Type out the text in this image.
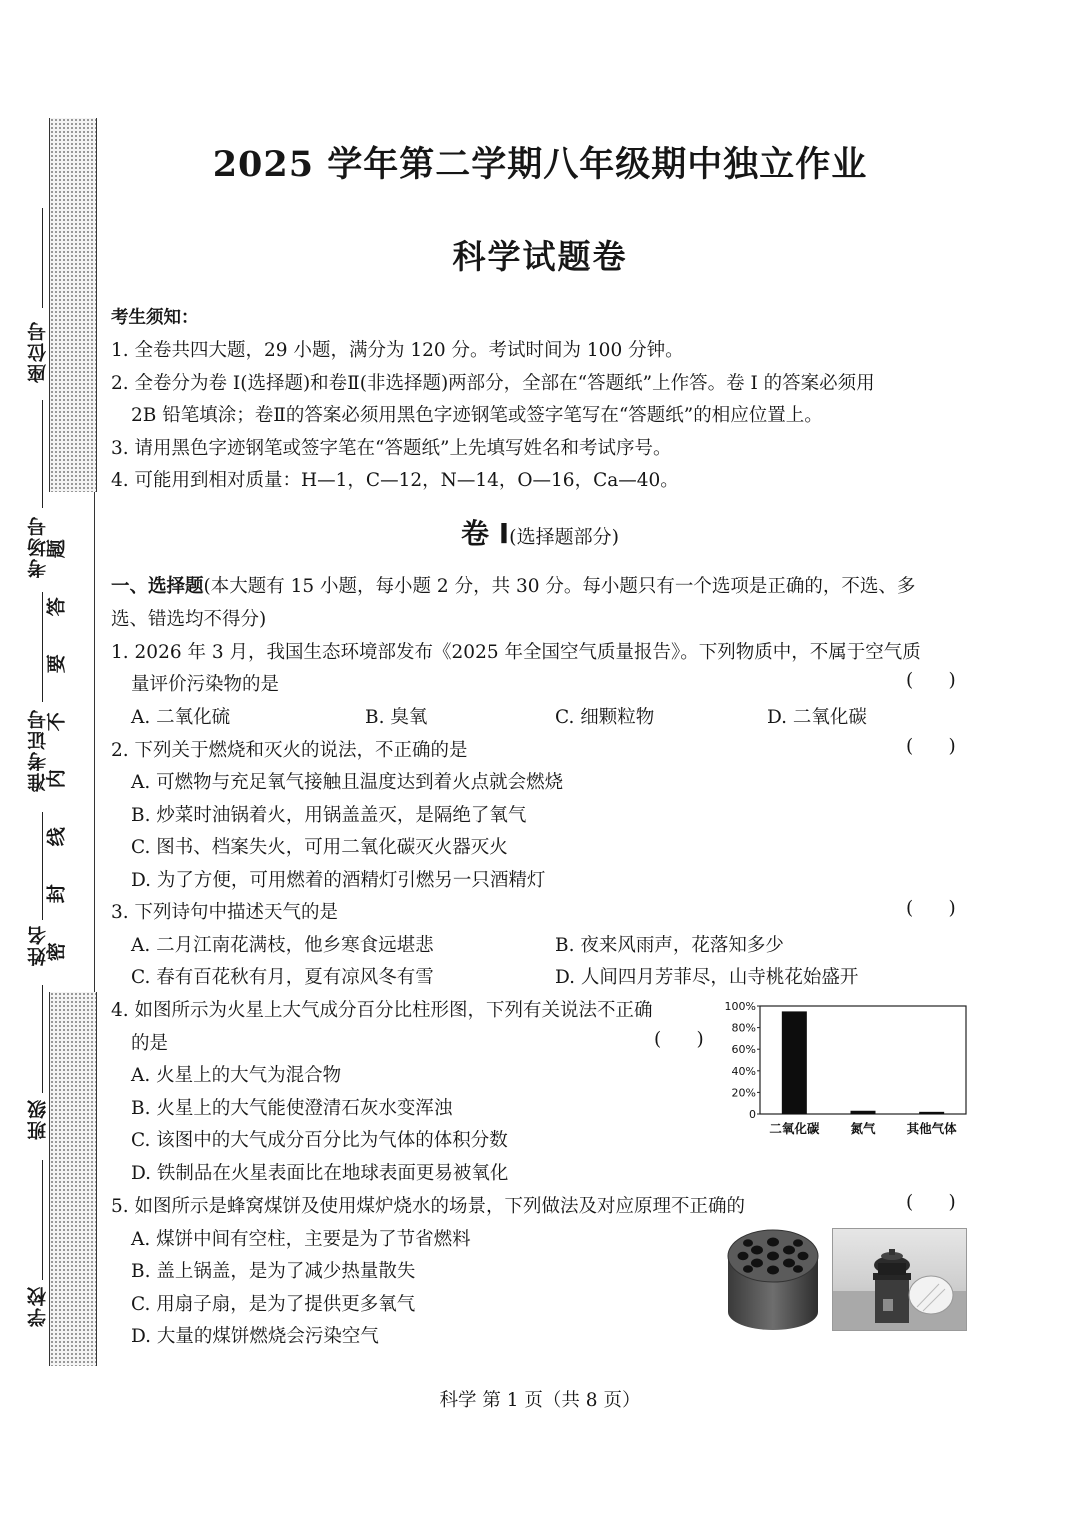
题
答
要
不
内
线
封
密
座位号
考场号
准考证号
姓名
班级
学校
2025 学年第二学期八年级期中独立作业
科学试题卷
考生须知：
1. 全卷共四大题，29 小题，满分为 120 分。考试时间为 100 分钟。
2. 全卷分为卷 I(选择题)和卷Ⅱ(非选择题)两部分，全部在“答题纸”上作答。卷 I 的答案必须用
2B 铅笔填涂；卷Ⅱ的答案必须用黑色字迹钢笔或签字笔写在“答题纸”的相应位置上。
3. 请用黑色字迹钢笔或签字笔在“答题纸”上先填写姓名和考试序号。
4. 可能用到相对质量：H—1，C—12，N—14，O—16，Ca—40。
卷 I(选择题部分)
一、选择题(本大题有 15 小题，每小题 2 分，共 30 分。每小题只有一个选项是正确的，不选、多
选、错选均不得分)
1. 2026 年 3 月，我国生态环境部发布《2025 年全国空气质量报告》。下列物质中，不属于空气质
量评价污染物的是	(      )
A. 二氧化硫	B. 臭氧	C. 细颗粒物	D. 二氧化碳
2. 下列关于燃烧和灭火的说法，不正确的是	(      )
A. 可燃物与充足氧气接触且温度达到着火点就会燃烧
B. 炒菜时油锅着火，用锅盖盖灭，是隔绝了氧气
C. 图书、档案失火，可用二氧化碳灭火器灭火
D. 为了方便，可用燃着的酒精灯引燃另一只酒精灯
3. 下列诗句中描述天气的是	(      )
A. 二月江南花满枝，他乡寒食远堪悲	B. 夜来风雨声，花落知多少
C. 春有百花秋有月，夏有凉风冬有雪	D. 人间四月芳菲尽，山寺桃花始盛开
4. 如图所示为火星上大气成分百分比柱形图，下列有关说法不正确
的是	(      )
A. 火星上的大气为混合物
B. 火星上的大气能使澄清石灰水变浑浊
C. 该图中的大气成分百分比为气体的体积分数
D. 铁制品在火星表面比在地球表面更易被氧化
0
20%
40%
60%
80%
100%
二氧化碳 氮气 其他气体
5. 如图所示是蜂窝煤饼及使用煤炉烧水的场景，下列做法及对应原理不正确的	(      )
A. 煤饼中间有空柱，主要是为了节省燃料
B. 盖上锅盖，是为了减少热量散失
C. 用扇子扇，是为了提供更多氧气
D. 大量的煤饼燃烧会污染空气
科学 第 1 页（共 8 页）
